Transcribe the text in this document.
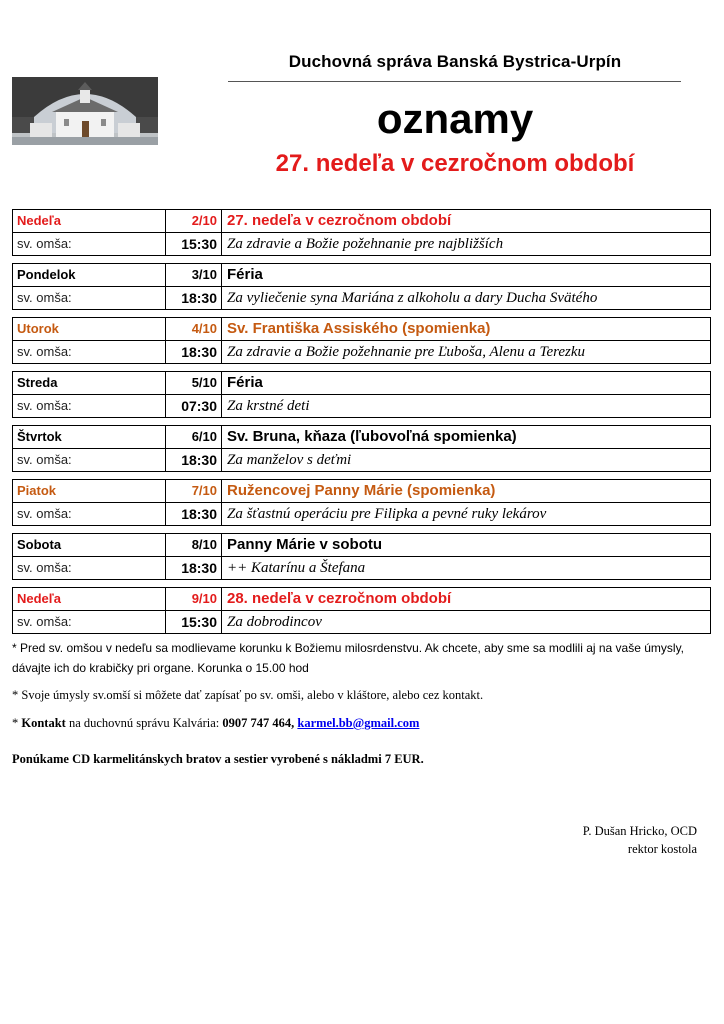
Duchovná správa Banská Bystrica-Urpín
oznamy
27. nedeľa v cezročnom období
Nedeľa	2/10 27. nedeľa v cezročnom období
sv. omša:	15:30 Za zdravie a Božie požehnanie pre najbližších
Pondelok	3/10 Féria
sv. omša:	18:30 Za vyliečenie syna Mariána z alkoholu a dary Ducha Svätého
Utorok	4/10 Sv. Františka Assiského (spomienka)
sv. omša:	18:30 Za zdravie a Božie požehnanie pre Ľuboša, Alenu a Terezku
Streda	5/10 Féria
sv. omša:	07:30 Za krstné deti
Štvrtok	6/10 Sv. Bruna, kňaza (ľubovoľná spomienka)
sv. omša:	18:30 Za manželov s deťmi
Piatok	7/10 Ružencovej Panny Márie (spomienka)
sv. omša:	18:30 Za šťastnú operáciu pre Filipka a pevné ruky lekárov
Sobota	8/10 Panny Márie v sobotu
sv. omša:	18:30 ++ Katarínu a Štefana
Nedeľa	9/10 28. nedeľa v cezročnom období
sv. omša:	15:30 Za dobrodincov
* Pred sv. omšou v nedeľu sa modlievame korunku k Božiemu milosrdenstvu. Ak chcete, aby sme sa modlili aj na vaše úmysly, dávajte ich do krabičky pri organe. Korunka o 15.00 hod
* Svoje úmysly sv.omší si môžete dať zapísať po sv. omši, alebo v kláštore, alebo cez kontakt.
* Kontakt na duchovnú správu Kalvária: 0907 747 464, karmel.bb@gmail.com
Ponúkame CD karmelitánskych bratov a sestier vyrobené s nákladmi 7 EUR.
P. Dušan Hricko, OCD
rektor kostola
